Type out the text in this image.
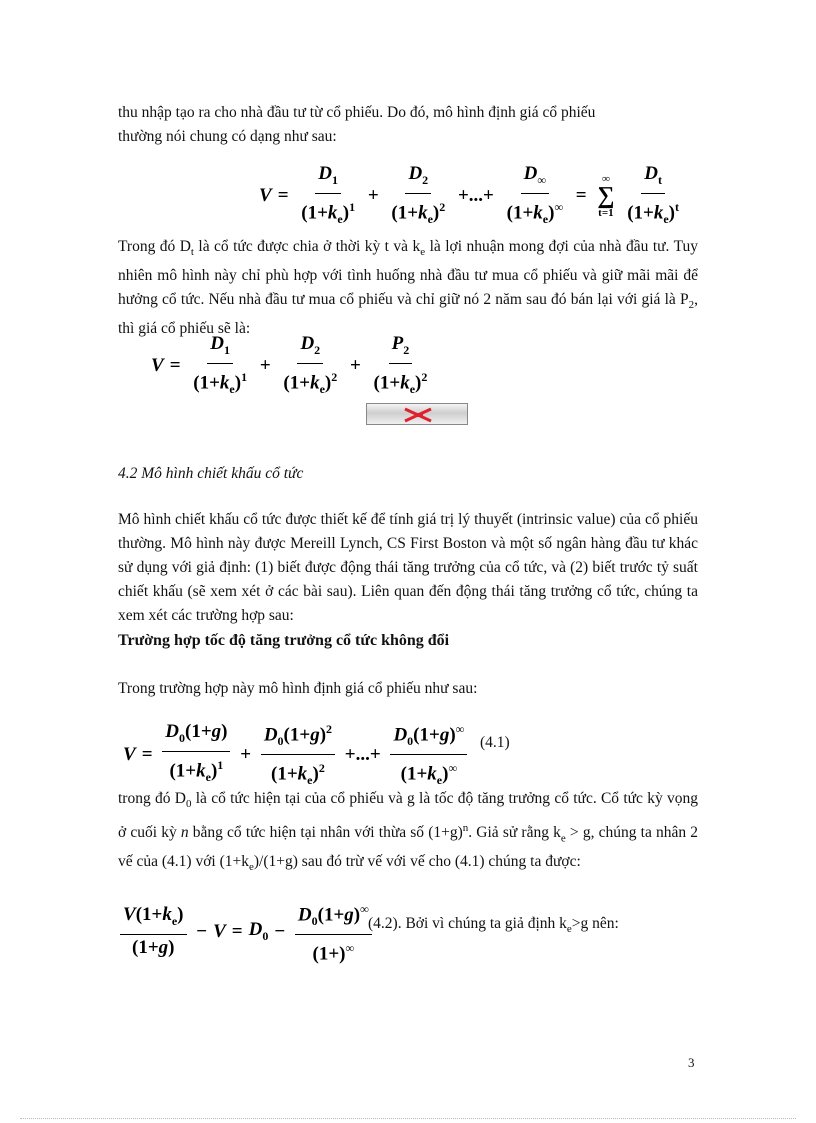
thu nhập tạo ra cho nhà đầu tư từ cổ phiếu. Do đó, mô hình định giá cổ phiếu
thường nói chung có dạng như sau:
$V = \frac{D_1}{(1+k_e)^1} + \frac{D_2}{(1+k_e)^2}$ +...+ $\frac{D_\infty}{(1+k_e)^\infty}$ =
∞
∑
t=1
$\frac{D_t}{(1+k_e)^t}$
Trong đó $D_t$ là cổ tức được chia ở thời kỳ t và $k_e$ là lợi nhuận mong đợi của nhà đầu tư. Tuy nhiên mô hình này chỉ phù hợp với tình huống nhà đầu tư mua cổ phiếu và giữ mãi mãi để hưởng cổ tức. Nếu nhà đầu tư mua cổ phiếu và chỉ giữ nó 2 năm sau đó bán lại với giá là $P_2$, thì giá cổ phiếu sẽ là:
$V = \frac{D_1}{(1+k_e)^1} + \frac{D_2}{(1+k_e)^2} + \frac{P_2}{(1+k_e)^2}$
4.2 Mô hình chiết khấu cổ tức
Mô hình chiết khấu cổ tức được thiết kế để tính giá trị lý thuyết (intrinsic value) của cổ phiếu thường. Mô hình này được Mereill Lynch, CS First Boston và một số ngân hàng đầu tư khác sử dụng với giả định: (1) biết được động thái tăng trưởng của cổ tức, và (2) biết trước tỷ suất chiết khấu (sẽ xem xét ở các bài sau). Liên quan đến động thái tăng trưởng cổ tức, chúng ta xem xét các trường hợp sau:
Trường hợp tốc độ tăng trưởng cổ tức không đổi
Trong trường hợp này mô hình định giá cổ phiếu như sau:
$V = \frac{D_0(1+g)}{(1+k_e)^1} + \frac{D_0(1+g)^2}{(1+k_e)^2}$ +...+ $\frac{D_0(1+g)^\infty}{(1+k_e)^\infty} (4.1)$
trong đó $D_0$ là cổ tức hiện tại của cổ phiếu và g là tốc độ tăng trưởng cổ tức. Cổ tức kỳ vọng ở cuối kỳ n bằng cổ tức hiện tại nhân với thừa số $(1+g)^n$. Giả sử rằng $k_e > g$, chúng ta nhân 2 vế của (4.1) với $(1+k_e)/(1+g)$ sau đó trừ vế với vế cho (4.1) chúng ta được:
$\frac{V(1+k_e)}{(1+g)} - V = D_0 - \frac{D_0(1+g)^\infty}{(1+)^\infty}$
(4.2). Bởi vì chúng ta giả định $k_e>g$ nên:
3
